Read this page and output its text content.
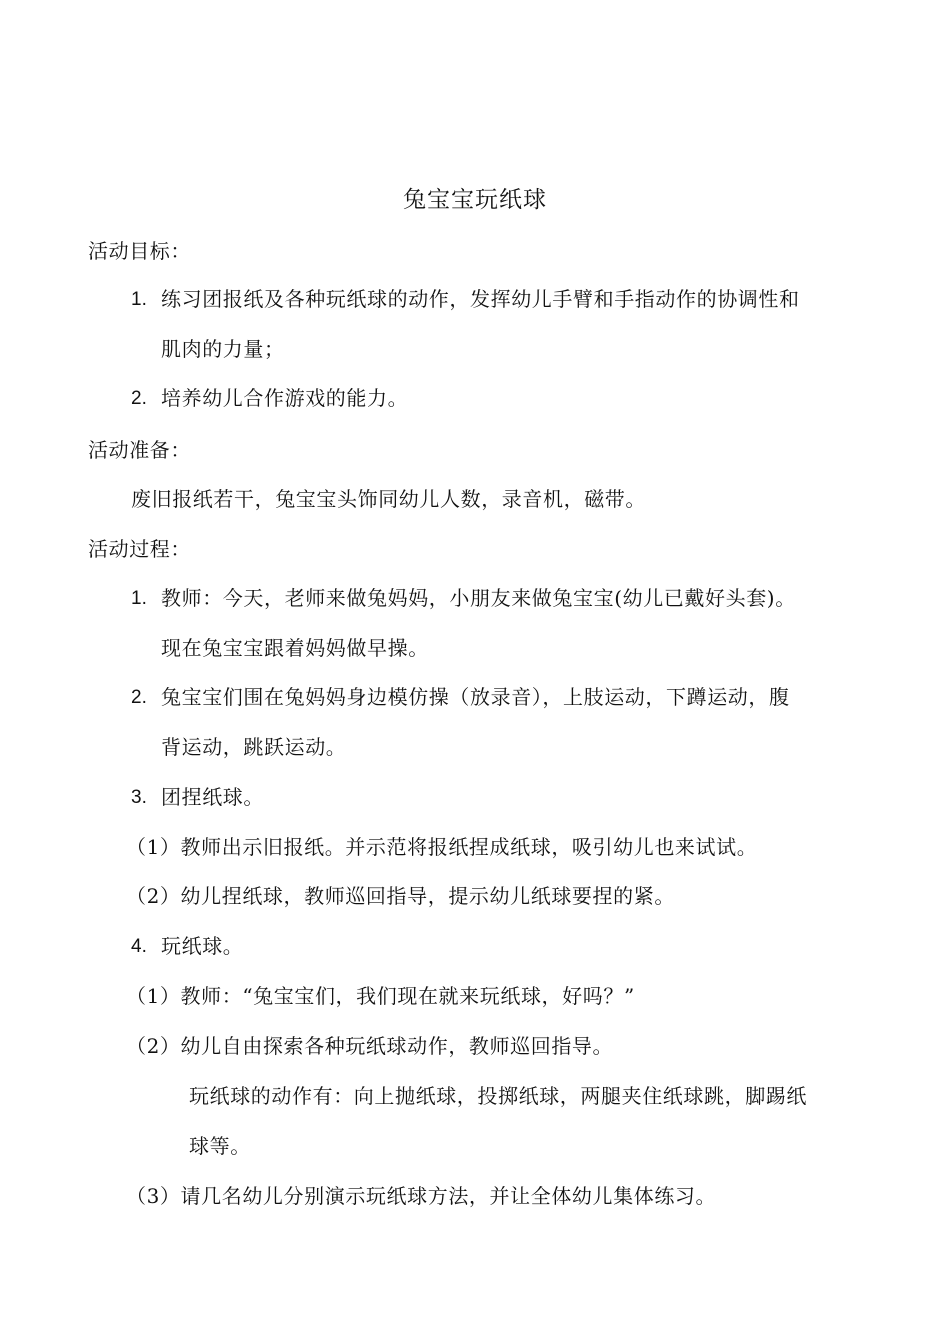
兔宝宝玩纸球
活动目标：
1. 练习团报纸及各种玩纸球的动作，发挥幼儿手臂和手指动作的协调性和
肌肉的力量；
2. 培养幼儿合作游戏的能力。
活动准备：
废旧报纸若干，兔宝宝头饰同幼儿人数，录音机，磁带。
活动过程：
1. 教师：今天，老师来做兔妈妈，小朋友来做兔宝宝(幼儿已戴好头套)。
现在兔宝宝跟着妈妈做早操。
2. 兔宝宝们围在兔妈妈身边模仿操（放录音），上肢运动，下蹲运动，腹
背运动，跳跃运动。
3. 团捏纸球。
（1）教师出示旧报纸。并示范将报纸捏成纸球，吸引幼儿也来试试。
（2）幼儿捏纸球，教师巡回指导，提示幼儿纸球要捏的紧。
4. 玩纸球。
（1）教师：“兔宝宝们，我们现在就来玩纸球，好吗？”
（2）幼儿自由探索各种玩纸球动作，教师巡回指导。
玩纸球的动作有：向上抛纸球，投掷纸球，两腿夹住纸球跳，脚踢纸
球等。
（3）请几名幼儿分别演示玩纸球方法，并让全体幼儿集体练习。
